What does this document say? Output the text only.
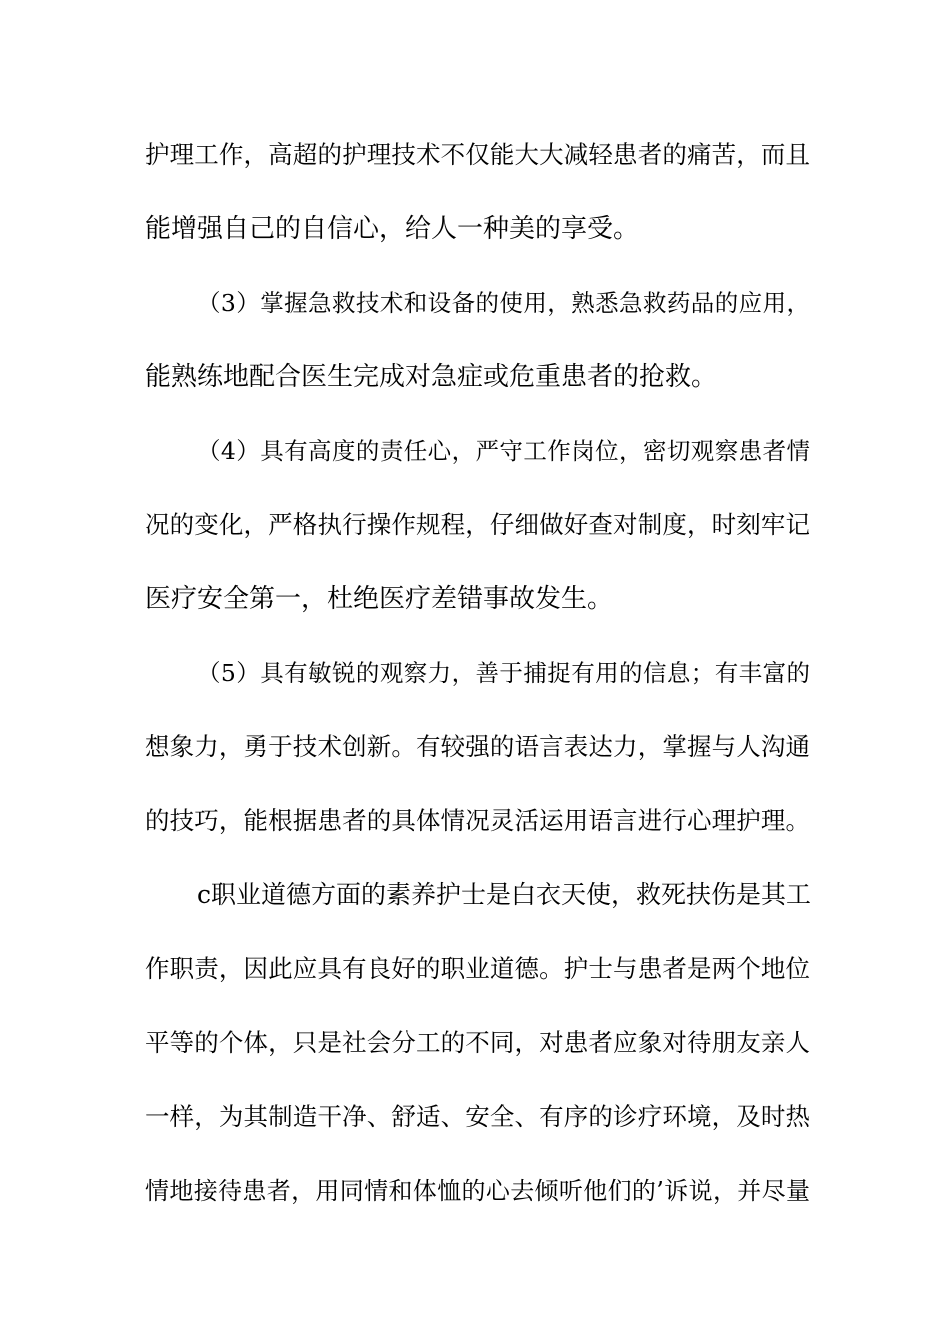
护理工作，高超的护理技术不仅能大大减轻患者的痛苦，而且
能增强自己的自信心，给人一种美的享受。
（3）掌握急救技术和设备的使用，熟悉急救药品的应用，
能熟练地配合医生完成对急症或危重患者的抢救。
（4）具有高度的责任心，严守工作岗位，密切观察患者情
况的变化，严格执行操作规程，仔细做好查对制度，时刻牢记
医疗安全第一，杜绝医疗差错事故发生。
（5）具有敏锐的观察力，善于捕捉有用的信息；有丰富的
想象力，勇于技术创新。有较强的语言表达力，掌握与人沟通
的技巧，能根据患者的具体情况灵活运用语言进行心理护理。
c职业道德方面的素养护士是白衣天使，救死扶伤是其工
作职责，因此应具有良好的职业道德。护士与患者是两个地位
平等的个体，只是社会分工的不同，对患者应象对待朋友亲人
一样，为其制造干净、舒适、安全、有序的诊疗环境，及时热
情地接待患者，用同情和体恤的心去倾听他们的’诉说，并尽量
